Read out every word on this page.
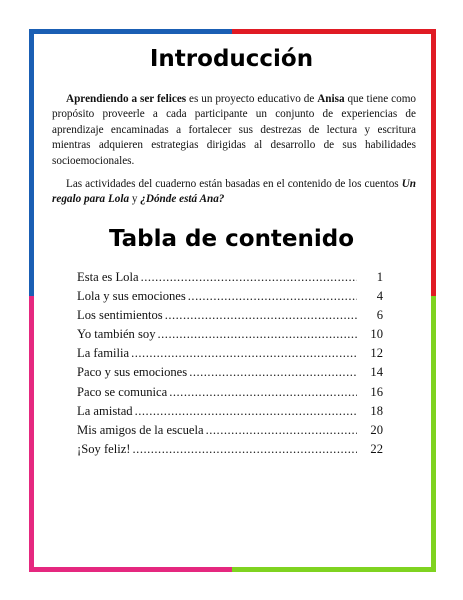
Introducción

Aprendiendo a ser felices es un proyecto educativo de Anisa que tiene como propósito proveerle a cada participante un conjunto de experiencias de aprendizaje encaminadas a fortalecer sus destrezas de lectura y escritura mientras adquieren estrategias dirigidas al desarrollo de sus habilidades socioemocionales.

Las actividades del cuaderno están basadas en el contenido de los cuentos Un regalo para Lola y ¿Dónde está Ana?

Tabla de contenido
Esta es Lola .....	1
Lola y sus emociones .....	4
Los sentimientos .....	6
Yo también soy .....	10
La familia .....	12
Paco y sus emociones .....	14
Paco se comunica .....	16
La amistad .....	18
Mis amigos de la escuela .....	20
¡Soy feliz! .....	22
